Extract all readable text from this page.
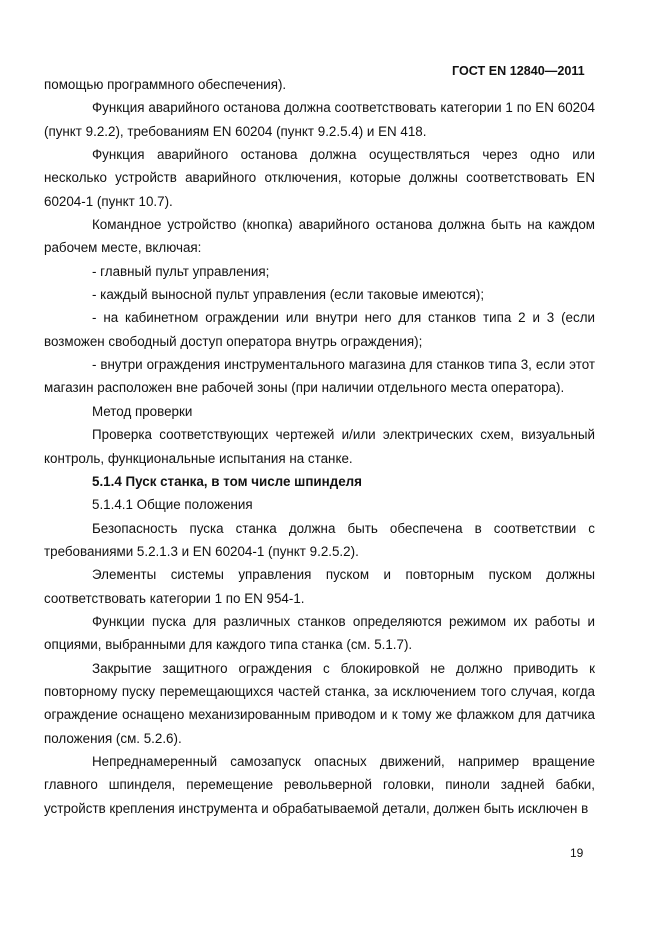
ГОСТ EN 12840—2011

помощью программного обеспечения).

Функция аварийного останова должна соответствовать категории 1 по EN 60204 (пункт 9.2.2), требованиям EN 60204 (пункт 9.2.5.4) и EN 418.

Функция аварийного останова должна осуществляться через одно или несколько устройств аварийного отключения, которые должны соответствовать EN 60204-1 (пункт 10.7).

Командное устройство (кнопка) аварийного останова должна быть на каждом рабочем месте, включая:

- главный пульт управления;

- каждый выносной пульт управления (если таковые имеются);

- на кабинетном ограждении или внутри него для станков типа 2 и 3 (если возможен свободный доступ оператора внутрь ограждения);

- внутри ограждения инструментального магазина для станков типа 3, если этот магазин расположен вне рабочей зоны (при наличии отдельного места оператора).

Метод проверки

Проверка соответствующих чертежей и/или электрических схем, визуальный контроль, функциональные испытания на станке.

5.1.4 Пуск станка, в том числе шпинделя

5.1.4.1 Общие положения

Безопасность пуска станка должна быть обеспечена в соответствии с требованиями 5.2.1.3 и EN 60204-1 (пункт 9.2.5.2).

Элементы системы управления пуском и повторным пуском должны соответствовать категории 1 по EN 954-1.

Функции пуска для различных станков определяются режимом их работы и опциями, выбранными для каждого типа станка (см. 5.1.7).

Закрытие защитного ограждения с блокировкой не должно приводить к повторному пуску перемещающихся частей станка, за исключением того случая, когда ограждение оснащено механизированным приводом и к тому же флажком для датчика положения (см. 5.2.6).

Непреднамеренный самозапуск опасных движений, например вращение главного шпинделя, перемещение револьверной головки, пиноли задней бабки, устройств крепления инструмента и обрабатываемой детали, должен быть исключен в

19
